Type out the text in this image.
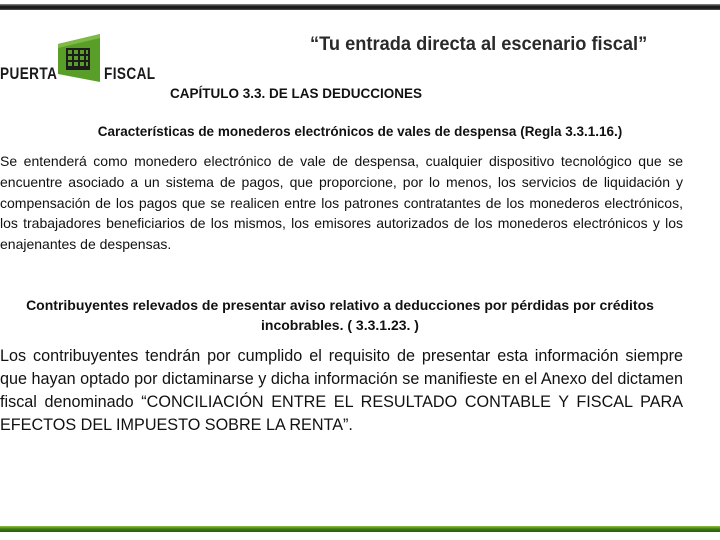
PUERTA	FISCAL
“Tu entrada directa al escenario fiscal”
CAPÍTULO 3.3. DE LAS DEDUCCIONES
Características de monederos electrónicos de vales de despensa (Regla 3.3.1.16.)
Se entenderá como monedero electrónico de vale de despensa, cualquier dispositivo tecnológico que se encuentre asociado a un sistema de pagos, que proporcione, por lo menos, los servicios de liquidación y compensación de los pagos que se realicen entre los patrones contratantes de los monederos electrónicos, los trabajadores beneficiarios de los mismos, los emisores autorizados de los monederos electrónicos y los enajenantes de despensas.
Contribuyentes relevados de presentar aviso relativo a deducciones por pérdidas por créditos incobrables. ( 3.3.1.23. )
Los contribuyentes tendrán por cumplido el requisito de presentar esta información siempre que hayan optado por dictaminarse y dicha información se manifieste en el Anexo del dictamen fiscal denominado “CONCILIACIÓN ENTRE EL RESULTADO CONTABLE Y FISCAL PARA EFECTOS DEL IMPUESTO SOBRE LA RENTA”.
